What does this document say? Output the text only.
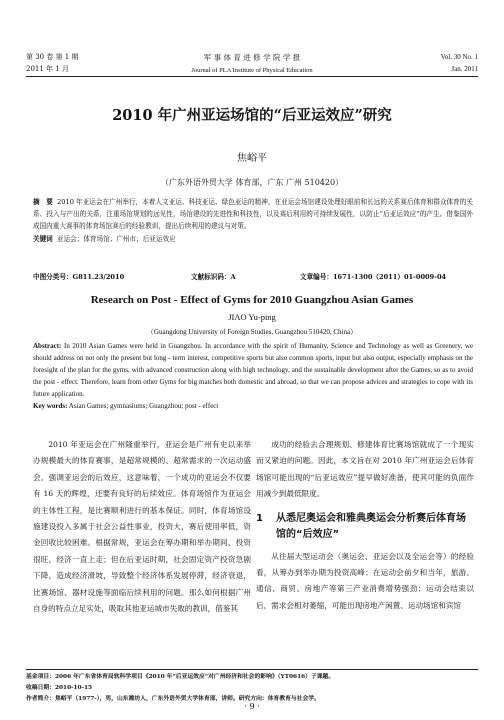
第 30 卷 第 1 期
2011 年 1 月
军 事 体 育 进 修 学 院 学 报
Journal of PLA Institute of Physical Education
Vol. 30 No. 1
Jan. 2011
2010 年广州亚运场馆的“后亚运效应”研究
焦峪平
（广东外语外贸大学 体育部，广东 广州 510420）

摘　要 2010 年亚运会在广州举行，本着人文亚运、科技亚运、绿色亚运的精神，在亚运会场馆建设处理好眼前和长远的关系赛后体育和群众体育的关系、投入与产出的关系，注重场馆规划的远见性，场馆建设的先进性和科技性，以及赛后利用的可持续发展性，以防止“后亚运效应”的产生。借鉴国外成国内重大赛事的体育场馆赛后的经验教训，提出后续利用的建议与对策。

关键词 亚运会；体育场馆；广州市；后亚运效应

中图分类号：G811.23/2010	文献标识码：A	文章编号：1671-1300（2011）01-0009-04
Research on Post - Effect of Gyms for 2010 Guangzhou Asian Games
JIAO Yu-ping
（Guangdong University of Foreign Studies, Guangzhou 510420, China）

Abstract: In 2010 Asian Games were held in Guangzhou. In accordance with the spirit of Humanity, Science and Technology as well as Greenery, we should address on not only the present but long - term interest, competitive sports but also common sports, input but also output, especially emphasis on the foresight of the plan for the gyms, with advanced construction along with high technology, and the sustainable development after the Games, so as to avoid the post - effect. Therefore, learn from other Gyms for big matches both domestic and abroad, so that we can propose advices and strategies to cope with its future application.

Key words: Asian Games; gymnasiums; Guangzhou; post - effect

2010 年亚运会在广州隆重举行，亚运会是广州有史以来举办规模最大的体育赛事，是超常规模的、超常需求的一次运动盛会。强调亚运会的后效应，这意味着，一个成功的亚运会不仅要有 16 天的辉煌，还要有良好的后续效应。体育场馆作为亚运会的主体性工程，是比赛顺利进行的基本保证。同时，体育场馆设施建设投入多属于社会公益性事业，投资大，赛后使用率低，资金回收比较困难。根据常规，亚运会在筹办期和举办期间，投资很旺，经济一直上走；但在后亚运时期，社会固定资产投资急剧下降，造成经济滑坡，导致整个经济体系发展停滞，经济衰退，比赛场馆、器材设施等面临后续利用的问题。那么如何根据广州自身的特点立足实处，吸取其他亚运城市失败的教训，借鉴其

成功的经验去合理规划、修建体育比赛场馆就成了一个现实而又紧迫的问题。因此，本文旨在对 2010 年广州亚运会后体育场馆可能出现的“后亚运效应”提早做好准备，使其可能的负面作用减少到最低限度。

1	从悉尼奥运会和雅典奥运会分析赛后体育场馆的“后效应”

从往届大型运动会（奥运会、亚运会以及全运会等）的经验看，从筹办到举办期为投资高峰；在运动会前夕和当年，旅游、通信、商贸、房地产等第三产业消费增势强劲；运动会结束以后，需求会相对萎缩，可能出现房地产闲置、运动场馆和宾馆

基金项目：2006 年广东省体育局软科学项目《2010 年“后亚运效应”对广州经济和社会的影响》（YT0616）子课题。
收稿日期：2010-10-15
作者简介：焦峪平（1977-），男，山东潍坊人，广东外语外贸大学体育部，讲师。研究方向：体育教育与社会学。
· 9 ·
